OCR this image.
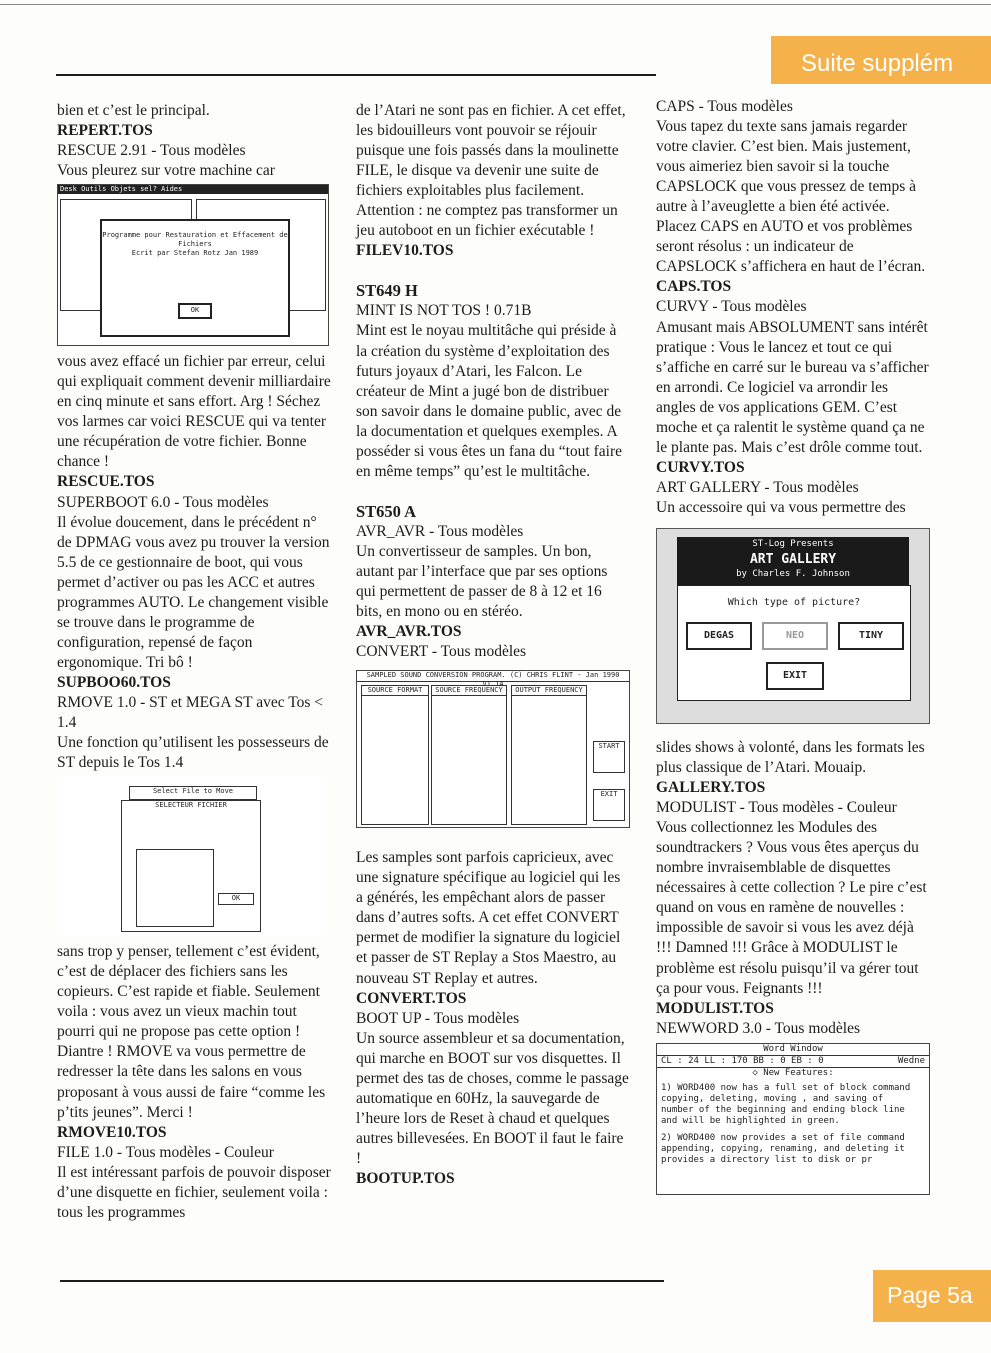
Suite supplém

bien et c’est le principal.

REPERT.TOS

RESCUE 2.91 - Tous modèles

Vous pleurez sur votre machine car

Desk Outils Objets sel? Aides
Programme pour Restauration et Effacement de Fichiers
Ecrit par Stefan Rotz Jan 1989
OK

vous avez effacé un fichier par erreur, celui qui expliquait comment devenir milliardaire en cinq minute et sans effort. Arg ! Séchez vos larmes car voici RESCUE qui va tenter une récupération de votre fichier. Bonne chance !

RESCUE.TOS

SUPERBOOT 6.0 - Tous modèles

Il évolue doucement, dans le précédent n° de DPMAG vous avez pu trouver la version 5.5 de ce gestionnaire de boot, qui vous permet d’activer ou pas les ACC et autres programmes AUTO. Le changement visible se trouve dans le programme de configuration, repensé de façon ergonomique. Tri bô !

SUPBOO60.TOS

RMOVE 1.0 - ST et MEGA ST avec Tos < 1.4

Une fonction qu’utilisent les possesseurs de ST depuis le Tos 1.4

Select File to Move
SELECTEUR FICHIER
OK

sans trop y penser, tellement c’est évident, c’est de déplacer des fichiers sans les copieurs. C’est rapide et fiable. Seulement voila : vous avez un vieux machin tout pourri qui ne propose pas cette option ! Diantre ! RMOVE va vous permettre de redresser la tête dans les salons en vous proposant à vous aussi de faire “comme les p’tits jeunes”. Merci !

RMOVE10.TOS

FILE 1.0 - Tous modèles - Couleur

Il est intéressant parfois de pouvoir disposer d’une disquette en fichier, seulement voila : tous les programmes

de l’Atari ne sont pas en fichier. A cet effet, les bidouilleurs vont pouvoir se réjouir puisque une fois passés dans la moulinette FILE, le disque va devenir une suite de fichiers exploitables plus facilement. Attention : ne comptez pas transformer un jeu autoboot en un fichier exécutable !

FILEV10.TOS

ST649 H

MINT IS NOT TOS ! 0.71B

Mint est le noyau multitâche qui préside à la création du système d’exploitation des futurs joyaux d’Atari, les Falcon. Le créateur de Mint a jugé bon de distribuer son savoir dans le domaine public, avec de la documentation et quelques exemples. A posséder si vous êtes un fana du “tout faire en même temps” qu’est le multitâche.

ST650 A

AVR_AVR - Tous modèles

Un convertisseur de samples. Un bon, autant par l’interface que par ses options qui permettent de passer de 8 à 12 et 16 bits, en mono ou en stéréo.

AVR_AVR.TOS

CONVERT - Tous modèles

SAMPLED SOUND CONVERSION PROGRAM. (C) CHRIS FLINT - Jan 1990 V1.14
SOURCE FORMAT	SOURCE FREQUENCY	OUTPUT FREQUENCY
START
EXIT

Les samples sont parfois capricieux, avec une signature spécifique au logiciel qui les a générés, les empêchant alors de passer dans d’autres softs. A cet effet CONVERT permet de modifier la signature du logiciel et passer de ST Replay a Stos Maestro, au nouveau ST Replay et autres.

CONVERT.TOS

BOOT UP - Tous modèles

Un source assembleur et sa documentation, qui marche en BOOT sur vos disquettes. Il permet des tas de choses, comme le passage automatique en 60Hz, la sauvegarde de l’heure lors de Reset à chaud et quelques autres billevesées. En BOOT il faut le faire !

BOOTUP.TOS

CAPS - Tous modèles

Vous tapez du texte sans jamais regarder votre clavier. C’est bien. Mais justement, vous aimeriez bien savoir si la touche CAPSLOCK que vous pressez de temps à autre à l’aveuglette a bien été activée. Placez CAPS en AUTO et vos problèmes seront résolus : un indicateur de CAPSLOCK s’affichera en haut de l’écran.

CAPS.TOS

CURVY - Tous modèles

Amusant mais ABSOLUMENT sans intérêt pratique : Vous le lancez et tout ce qui s’affiche en carré sur le bureau va s’afficher en arrondi. Ce logiciel va arrondir les angles de vos applications GEM. C’est moche et ça ralentit le système quand ça ne le plante pas. Mais c’est drôle comme tout.

CURVY.TOS

ART GALLERY - Tous modèles

Un accessoire qui va vous permettre des

ST-Log Presents
ART GALLERY
by Charles F. Johnson
Which type of picture?
DEGAS	NEO	TINY
EXIT

slides shows à volonté, dans les formats les plus classique de l’Atari. Mouaip.

GALLERY.TOS

MODULIST - Tous modèles - Couleur

Vous collectionnez les Modules des soundtrackers ? Vous vous êtes aperçus du nombre invraisemblable de disquettes nécessaires à cette collection ? Le pire c’est quand on vous en ramène de nouvelles : impossible de savoir si vous les avez déjà !!! Damned !!! Grâce à MODULIST le problème est résolu puisqu’il va gérer tout ça pour vous. Feignants !!!

MODULIST.TOS

NEWWORD 3.0 - Tous modèles

Word Window
CL : 24 LL : 170 BB : 0 EB : 0	Wedne
◇ New Features:
1) WORD400 now has a full set of block command copying, deleting, moving , and saving of number of the beginning and ending block line and will be highlighted in green.
2) WORD400 now provides a set of file command appending, copying, renaming, and deleting it provides a directory list to disk or pr
Page 5a
